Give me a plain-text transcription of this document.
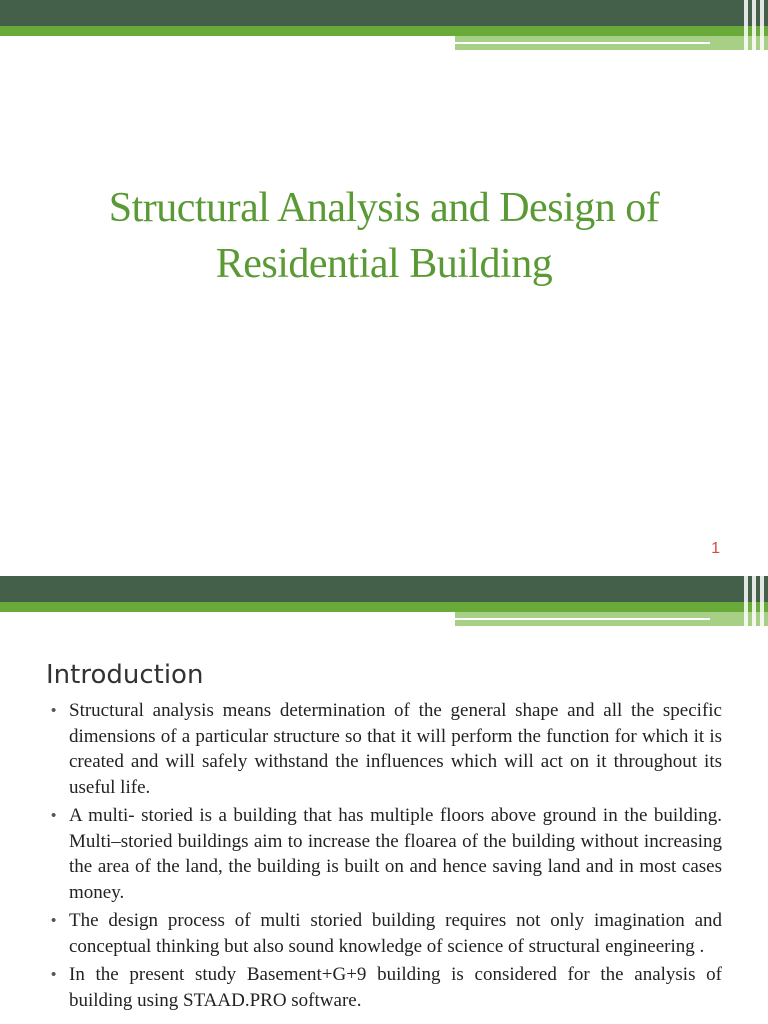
Structural Analysis and Design of
Residential Building
1
Introduction
• Structural analysis means determination of the general shape and all the specific dimensions of a particular structure so that it will perform the function for which it is created and will safely withstand the influences which will act on it throughout its useful life.
• A multi- storied is a building that has multiple floors above ground in the building. Multi–storied buildings aim to increase the floarea of the building without increasing the area of the land, the building is built on and hence saving land and in most cases money.
• The design process of multi storied building requires not only imagination and conceptual thinking but also sound knowledge of science of structural engineering .
• In the present study Basement+G+9 building is considered for the analysis of building using STAAD.PRO software.
